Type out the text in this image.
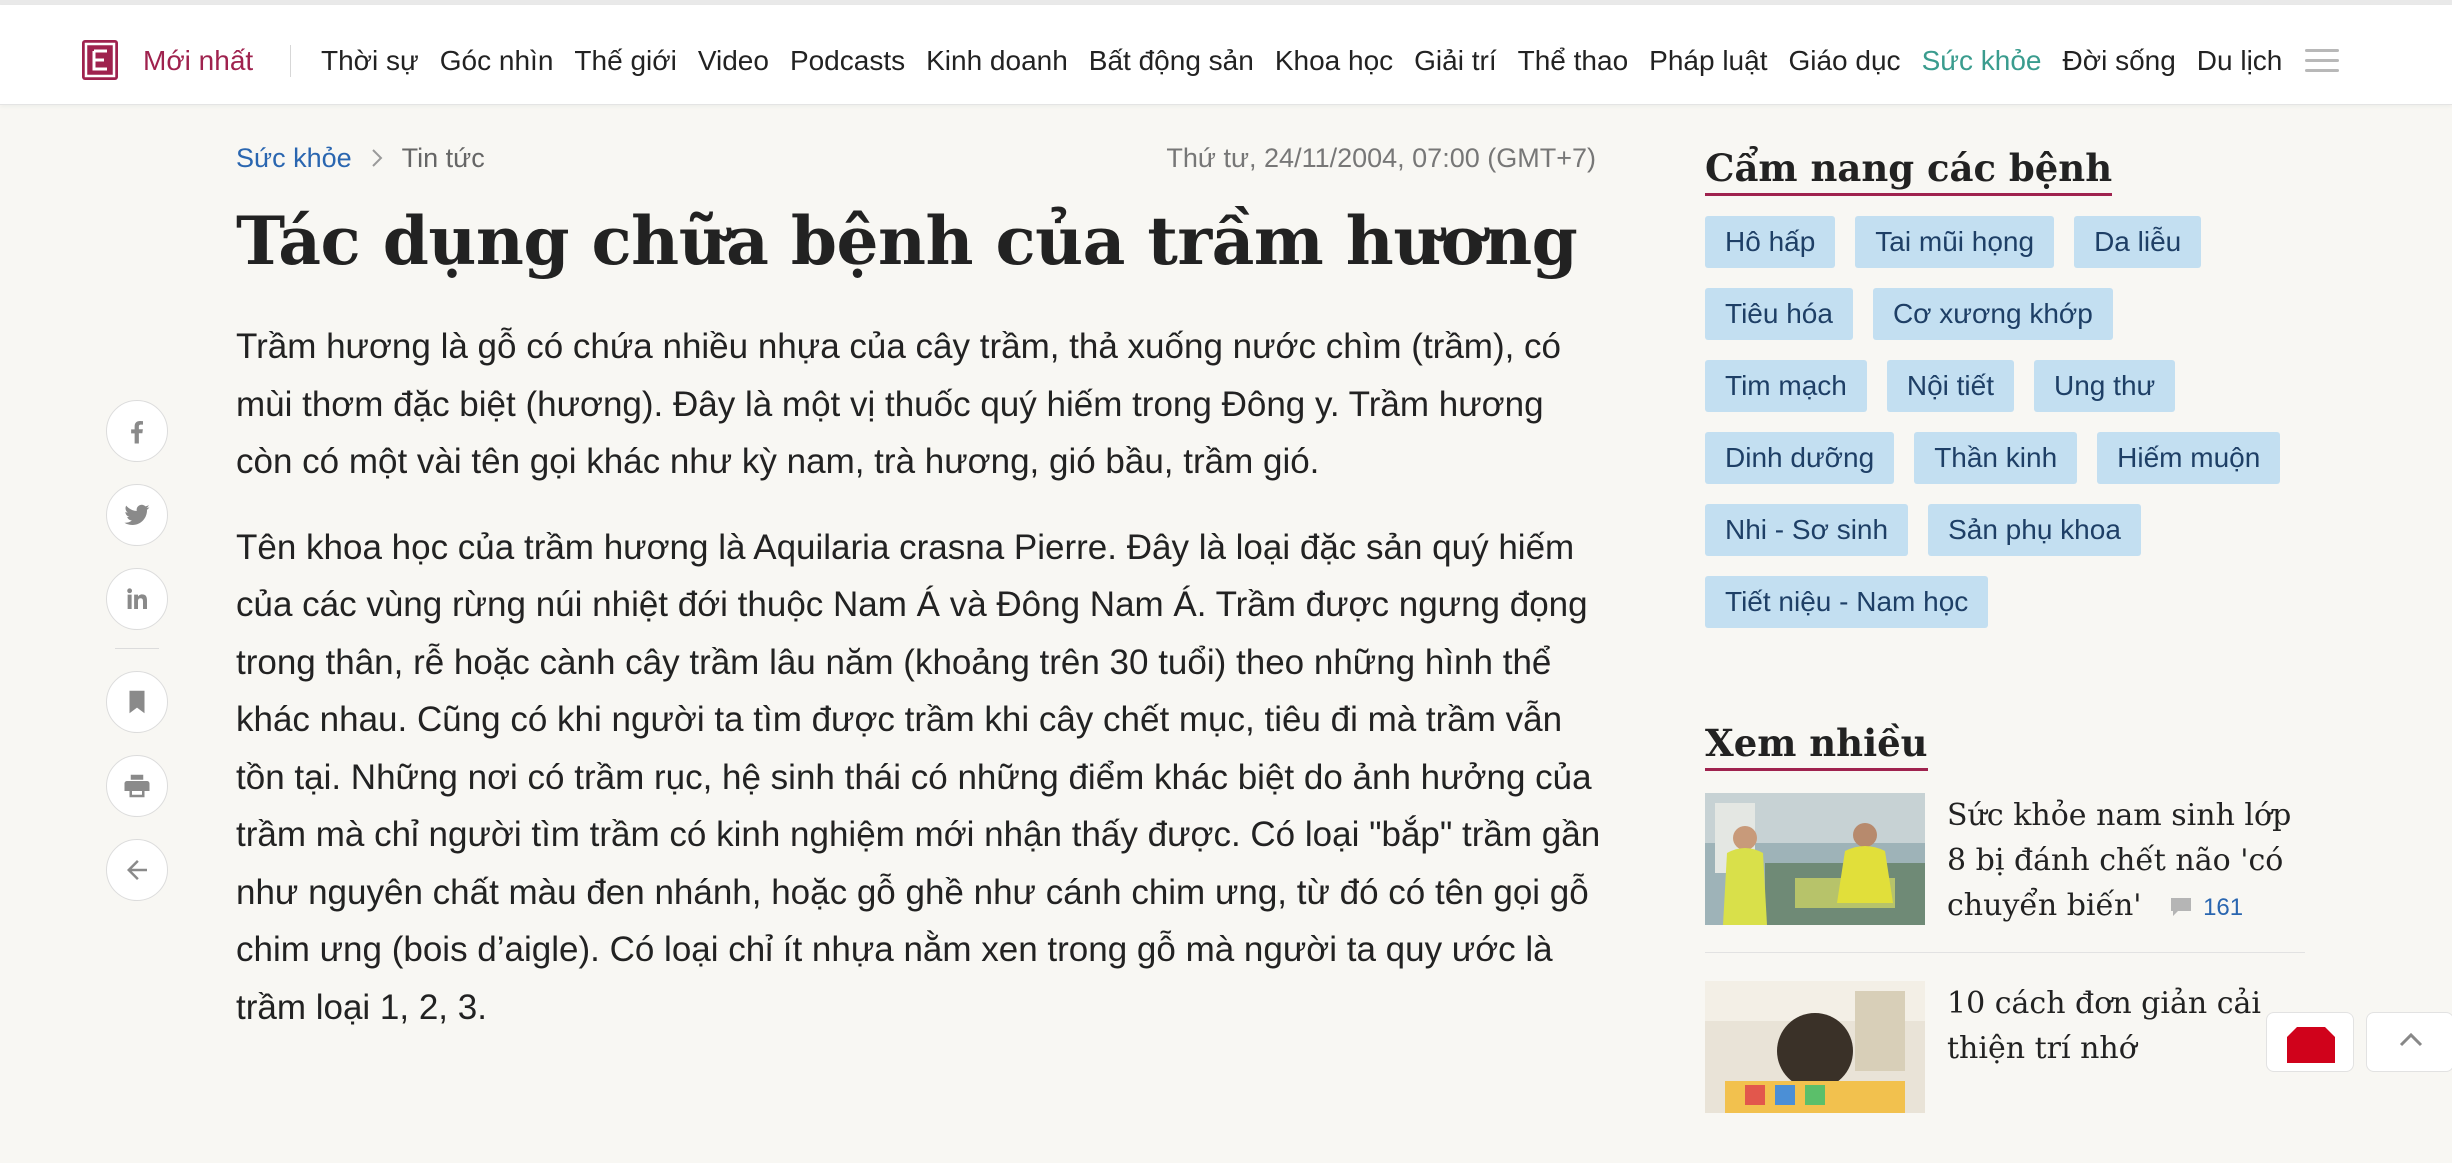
Mới nhất Thời sự Góc nhìn Thế giới Video Podcasts Kinh doanh Bất động sản Khoa học Giải trí Thể thao Pháp luật Giáo dục Sức khỏe Đời sống Du lịch
Sức khỏe Tin tức	Thứ tư, 24/11/2004, 07:00 (GMT+7)
Tác dụng chữa bệnh của trầm hương

Trầm hương là gỗ có chứa nhiều nhựa của cây trầm, thả xuống nước chìm (trầm), có mùi thơm đặc biệt (hương). Đây là một vị thuốc quý hiếm trong Đông y. Trầm hương còn có một vài tên gọi khác như kỳ nam, trà hương, gió bầu, trầm gió.

Tên khoa học của trầm hương là Aquilaria crasna Pierre. Đây là loại đặc sản quý hiếm của các vùng rừng núi nhiệt đới thuộc Nam Á và Đông Nam Á. Trầm được ngưng đọng trong thân, rễ hoặc cành cây trầm lâu năm (khoảng trên 30 tuổi) theo những hình thể khác nhau. Cũng có khi người ta tìm được trầm khi cây chết mục, tiêu đi mà trầm vẫn tồn tại. Những nơi có trầm rục, hệ sinh thái có những điểm khác biệt do ảnh hưởng của trầm mà chỉ người tìm trầm có kinh nghiệm mới nhận thấy được. Có loại "bắp" trầm gần như nguyên chất màu đen nhánh, hoặc gỗ ghề như cánh chim ưng, từ đó có tên gọi gỗ chim ưng (bois d’aigle). Có loại chỉ ít nhựa nằm xen trong gỗ mà người ta quy ước là trầm loại 1, 2, 3.

Cẩm nang các bệnh
Hô hấp	Tai mũi họng	Da liễu
Tiêu hóa	Cơ xương khớp
Tim mạch	Nội tiết	Ung thư
Dinh dưỡng	Thần kinh	Hiếm muộn
Nhi - Sơ sinh	Sản phụ khoa
Tiết niệu - Nam học
Xem nhiều
Sức khỏe nam sinh lớp 8 bị đánh chết não 'có chuyển biến'	161
10 cách đơn giản cải thiện trí nhớ
